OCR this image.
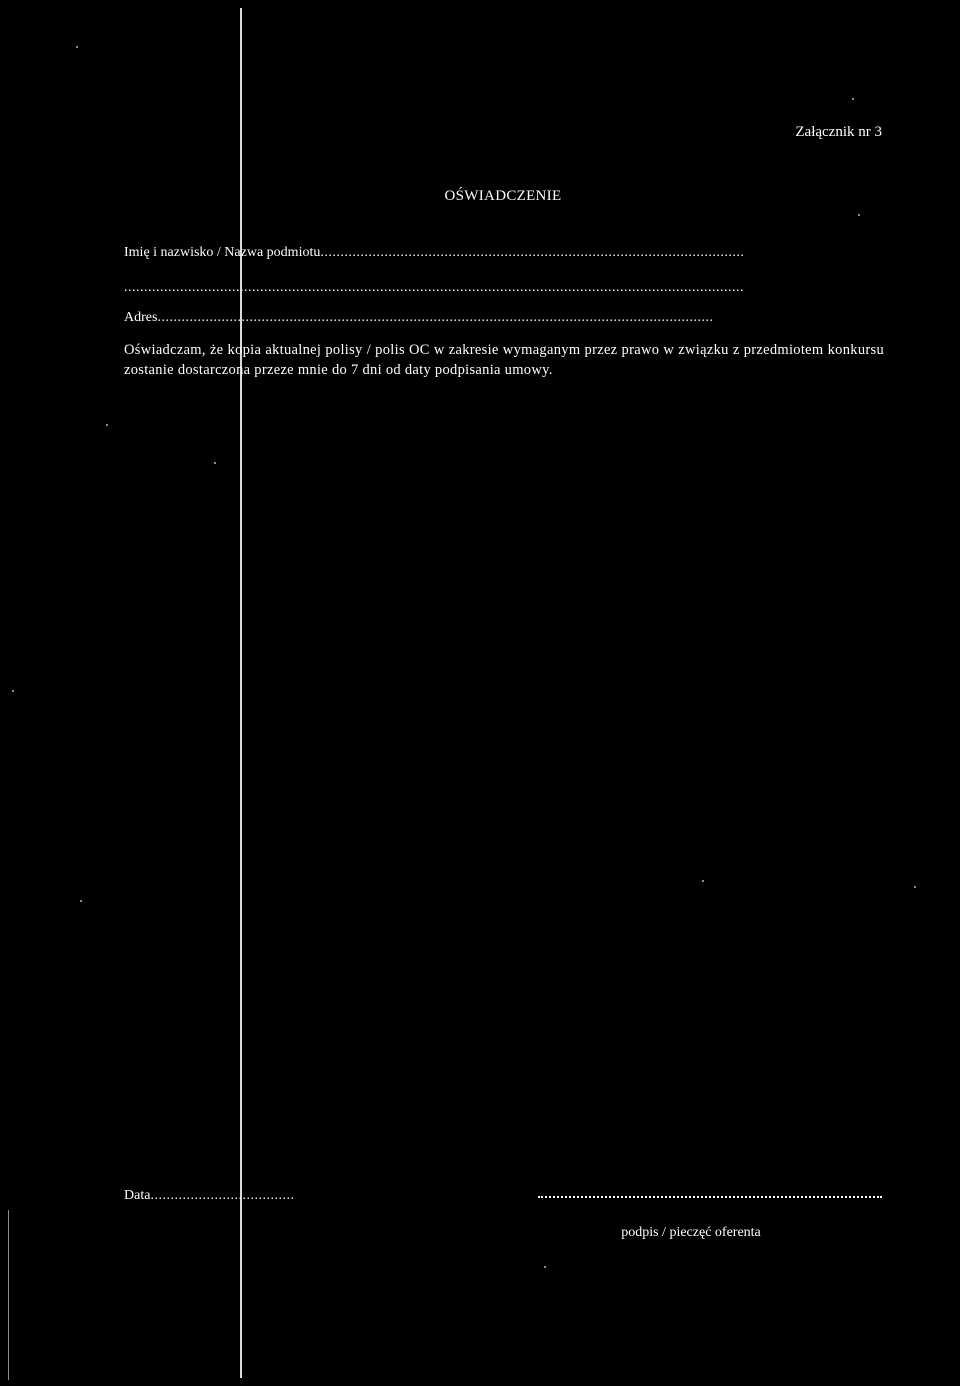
Załącznik nr 3
OŚWIADCZENIE
Imię i nazwisko / Nazwa podmiotu..........................................................................................................
...........................................................................................................................................................
Adres...........................................................................................................................................
Oświadczam, że kopia aktualnej polisy / polis OC w zakresie wymaganym przez prawo w związku z przedmiotem konkursu zostanie dostarczona przeze mnie do 7 dni od daty podpisania umowy.
Data....................................
podpis / pieczęć oferenta
